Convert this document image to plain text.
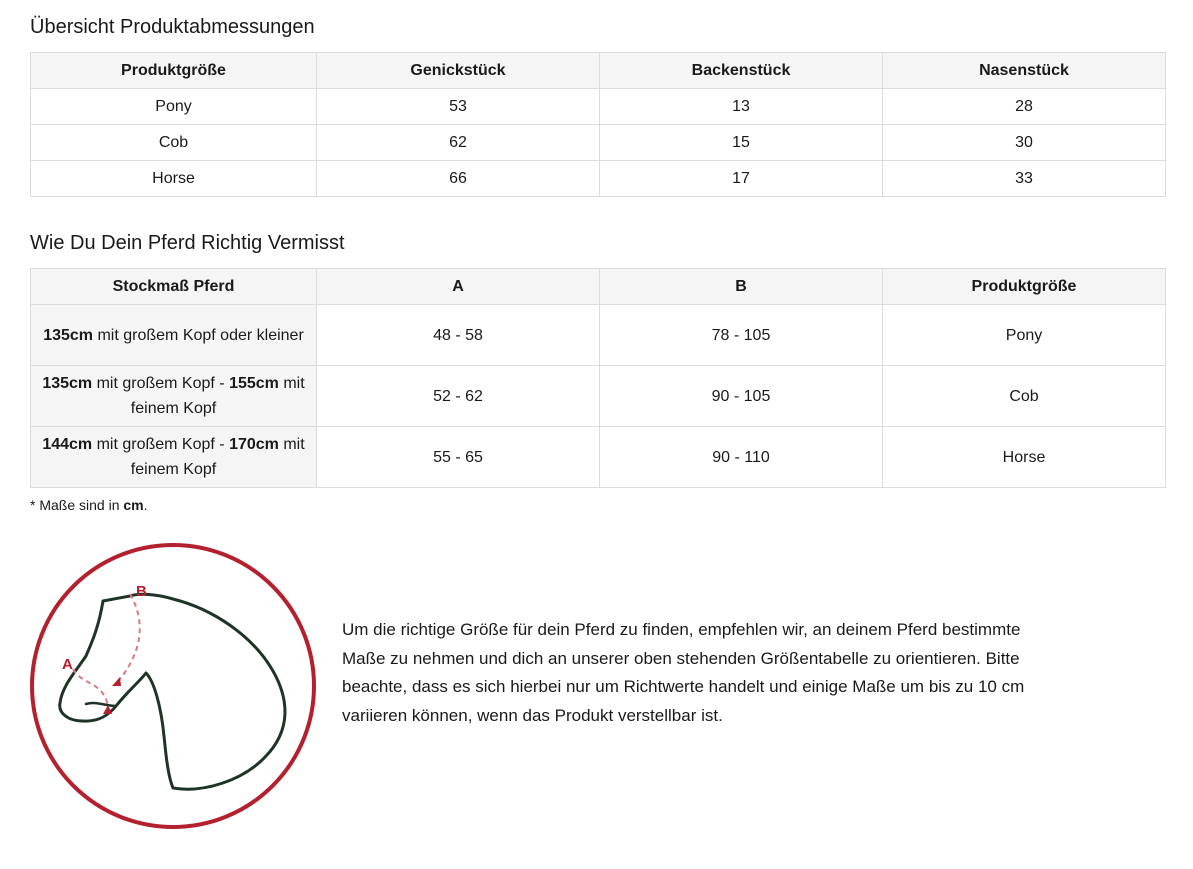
Übersicht Produktabmessungen
Produktgröße	Genickstück	Backenstück	Nasenstück
Pony	53	13	28
Cob	62	15	30
Horse	66	17	33
Wie Du Dein Pferd Richtig Vermisst
Stockmaß Pferd	A	B	Produktgröße
135cm mit großem Kopf oder kleiner	48 - 58	78 - 105	Pony
135cm mit großem Kopf - 155cm mit feinem Kopf	52 - 62	90 - 105	Cob
144cm mit großem Kopf - 170cm mit feinem Kopf	55 - 65	90 - 110	Horse

* Maße sind in cm.

B
A

Um die richtige Größe für dein Pferd zu finden, empfehlen wir, an deinem Pferd bestimmte Maße zu nehmen und dich an unserer oben stehenden Größentabelle zu orientieren. Bitte beachte, dass es sich hierbei nur um Richtwerte handelt und einige Maße um bis zu 10 cm variieren können, wenn das Produkt verstellbar ist.
